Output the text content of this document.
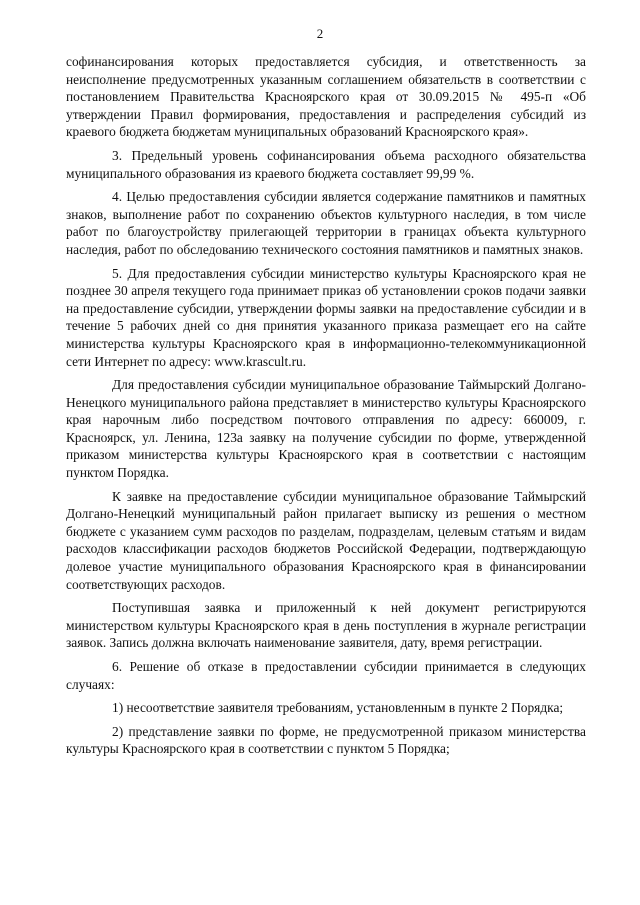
2

софинансирования которых предоставляется субсидия, и ответственность за неисполнение предусмотренных указанным соглашением обязательств в соответствии с постановлением Правительства Красноярского края от 30.09.2015 № 495-п «Об утверждении Правил формирования, предоставления и распределения субсидий из краевого бюджета бюджетам муниципальных образований Красноярского края».

3. Предельный уровень софинансирования объема расходного обязательства муниципального образования из краевого бюджета составляет 99,99 %.

4. Целью предоставления субсидии является содержание памятников и памятных знаков, выполнение работ по сохранению объектов культурного наследия, в том числе работ по благоустройству прилегающей территории в границах объекта культурного наследия, работ по обследованию технического состояния памятников и памятных знаков.

5. Для предоставления субсидии министерство культуры Красноярского края не позднее 30 апреля текущего года принимает приказ об установлении сроков подачи заявки на предоставление субсидии, утверждении формы заявки на предоставление субсидии и в течение 5 рабочих дней со дня принятия указанного приказа размещает его на сайте министерства культуры Красноярского края в информационно-телекоммуникационной сети Интернет по адресу: www.krascult.ru.

Для предоставления субсидии муниципальное образование Таймырский Долгано-Ненецкого муниципального района представляет в министерство культуры Красноярского края нарочным либо посредством почтового отправления по адресу: 660009, г. Красноярск, ул. Ленина, 123а заявку на получение субсидии по форме, утвержденной приказом министерства культуры Красноярского края в соответствии с настоящим пунктом Порядка.

К заявке на предоставление субсидии муниципальное образование Таймырский Долгано-Ненецкий муниципальный район прилагает выписку из решения о местном бюджете с указанием сумм расходов по разделам, подразделам, целевым статьям и видам расходов классификации расходов бюджетов Российской Федерации, подтверждающую долевое участие муниципального образования Красноярского края в финансировании соответствующих расходов.

Поступившая заявка и приложенный к ней документ регистрируются министерством культуры Красноярского края в день поступления в журнале регистрации заявок. Запись должна включать наименование заявителя, дату, время регистрации.

6. Решение об отказе в предоставлении субсидии принимается в следующих случаях:

1) несоответствие заявителя требованиям, установленным в пункте 2 Порядка;

2) представление заявки по форме, не предусмотренной приказом министерства культуры Красноярского края в соответствии с пунктом 5 Порядка;
